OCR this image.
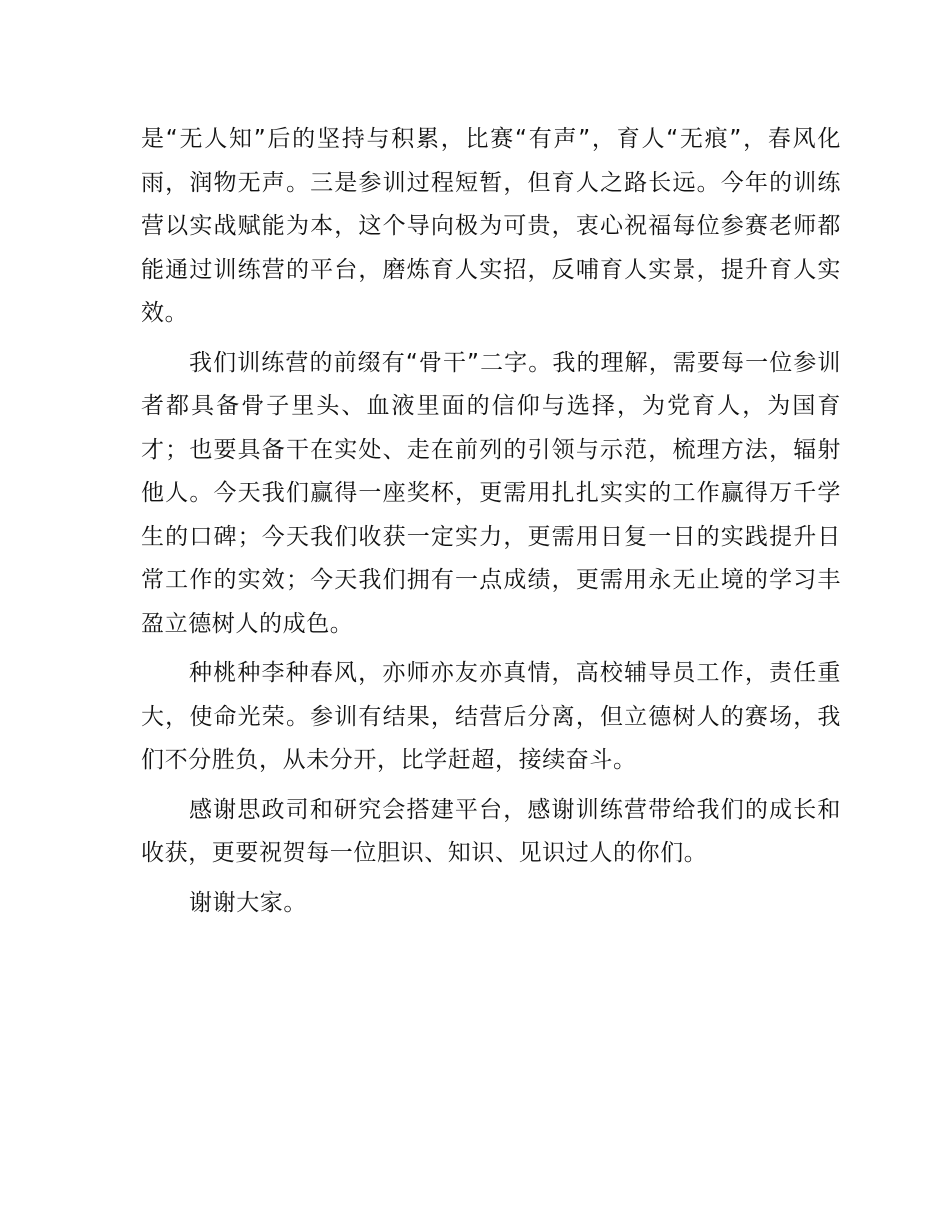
是“无人知”后的坚持与积累，比赛“有声”，育人“无痕”，春风化雨，润物无声。三是参训过程短暂，但育人之路长远。今年的训练营以实战赋能为本，这个导向极为可贵，衷心祝福每位参赛老师都能通过训练营的平台，磨炼育人实招，反哺育人实景，提升育人实效。

我们训练营的前缀有“骨干”二字。我的理解，需要每一位参训者都具备骨子里头、血液里面的信仰与选择，为党育人，为国育才；也要具备干在实处、走在前列的引领与示范，梳理方法，辐射他人。今天我们赢得一座奖杯，更需用扎扎实实的工作赢得万千学生的口碑；今天我们收获一定实力，更需用日复一日的实践提升日常工作的实效；今天我们拥有一点成绩，更需用永无止境的学习丰盈立德树人的成色。

种桃种李种春风，亦师亦友亦真情，高校辅导员工作，责任重大，使命光荣。参训有结果，结营后分离，但立德树人的赛场，我们不分胜负，从未分开，比学赶超，接续奋斗。

感谢思政司和研究会搭建平台，感谢训练营带给我们的成长和收获，更要祝贺每一位胆识、知识、见识过人的你们。

谢谢大家。
